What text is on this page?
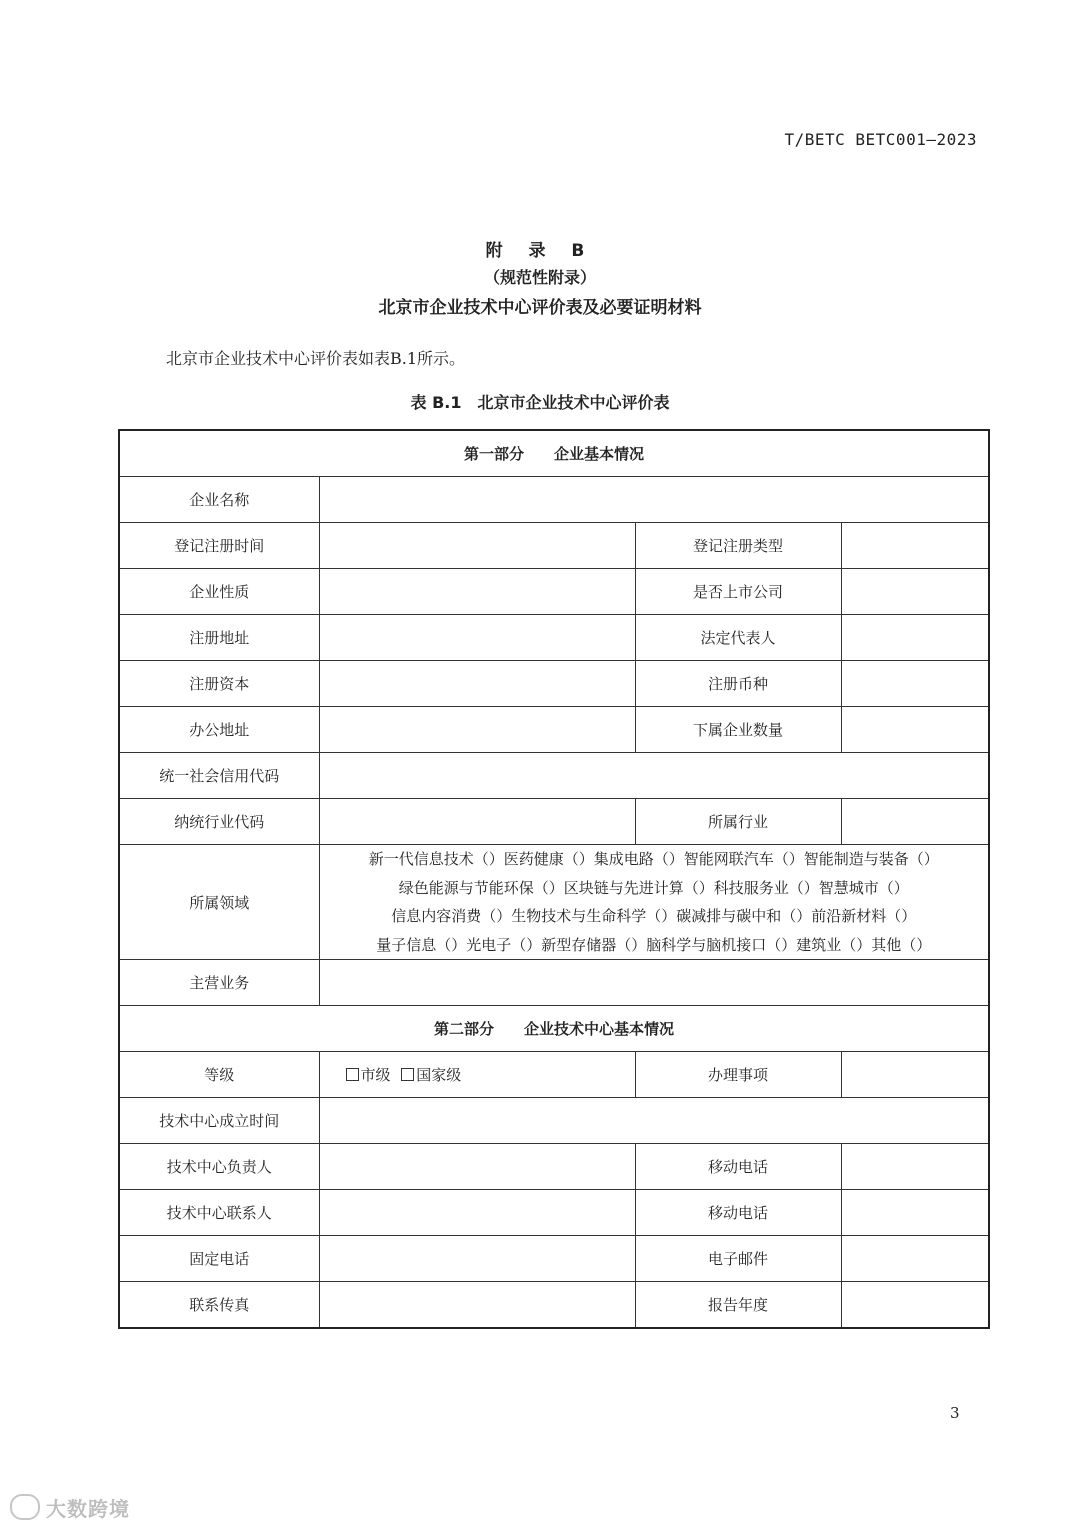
T/BETC BETC001—2023
附 录 B
（规范性附录）
北京市企业技术中心评价表及必要证明材料
北京市企业技术中心评价表如表B.1所示。
表 B.1　北京市企业技术中心评价表
第一部分　　企业基本情况			
企业名称			
登记注册时间		登记注册类型	
企业性质		是否上市公司	
注册地址		法定代表人	
注册资本		注册币种	
办公地址		下属企业数量	
统一社会信用代码			
纳统行业代码		所属行业	
所属领域	新一代信息技术（）医药健康（）集成电路（）智能网联汽车（）智能制造与装备（）
绿色能源与节能环保（）区块链与先进计算（）科技服务业（）智慧城市（）
信息内容消费（）生物技术与生命科学（）碳减排与碳中和（）前沿新材料（）
量子信息（）光电子（）新型存储器（）脑科学与脑机接口（）建筑业（）其他（）		

主营业务			
第二部分　　企业技术中心基本情况			
等级	市级 国家级	办理事项	
技术中心成立时间			
技术中心负责人		移动电话	
技术中心联系人		移动电话	
固定电话		电子邮件	
联系传真		报告年度	
3
大数跨境
